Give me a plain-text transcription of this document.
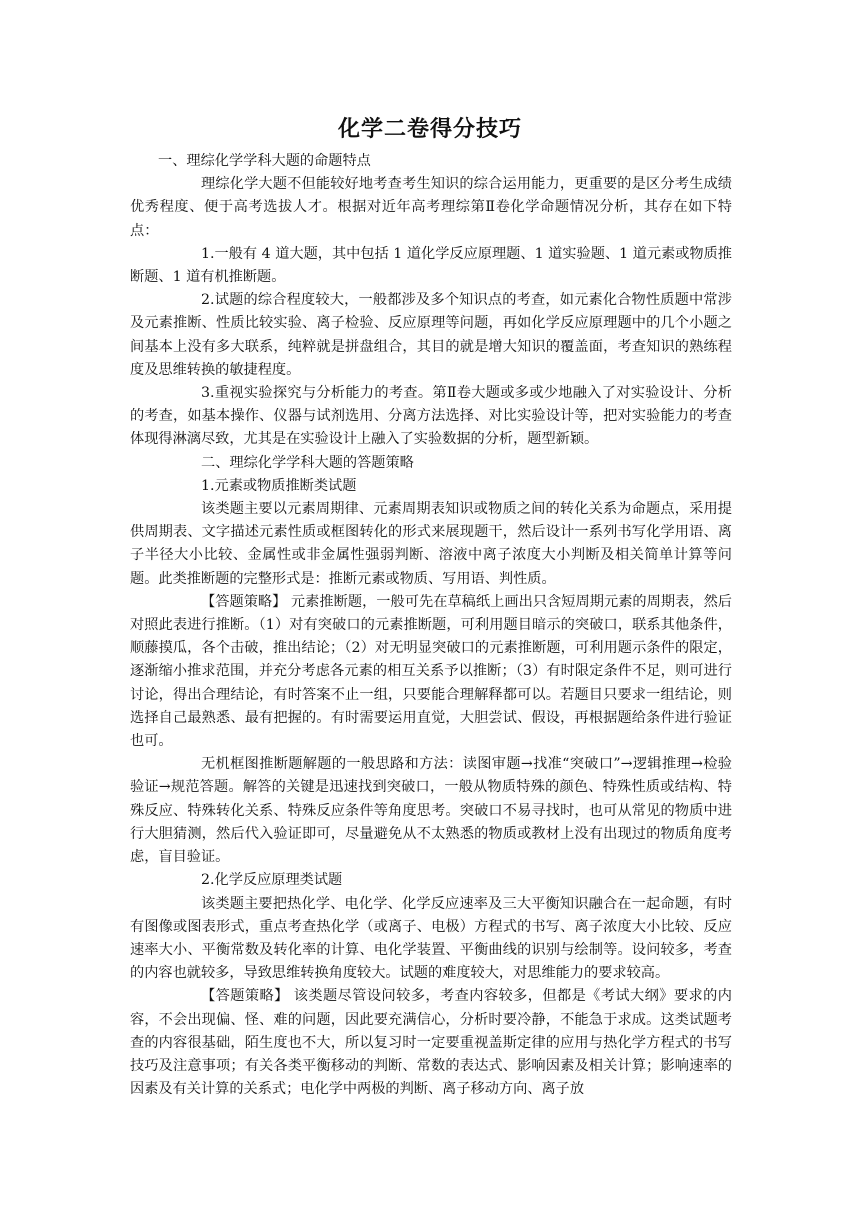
化学二卷得分技巧

一、理综化学学科大题的命题特点

理综化学大题不但能较好地考查考生知识的综合运用能力，更重要的是区分考生成绩优秀程度、便于高考选拔人才。根据对近年高考理综第Ⅱ卷化学命题情况分析，其存在如下特点：

1.一般有 4 道大题，其中包括 1 道化学反应原理题、1 道实验题、1 道元素或物质推断题、1 道有机推断题。

2.试题的综合程度较大，一般都涉及多个知识点的考查，如元素化合物性质题中常涉及元素推断、性质比较实验、离子检验、反应原理等问题，再如化学反应原理题中的几个小题之间基本上没有多大联系，纯粹就是拼盘组合，其目的就是增大知识的覆盖面，考查知识的熟练程度及思维转换的敏捷程度。

3.重视实验探究与分析能力的考查。第Ⅱ卷大题或多或少地融入了对实验设计、分析的考查，如基本操作、仪器与试剂选用、分离方法选择、对比实验设计等，把对实验能力的考查体现得淋漓尽致，尤其是在实验设计上融入了实验数据的分析，题型新颖。

二、理综化学学科大题的答题策略

1.元素或物质推断类试题

该类题主要以元素周期律、元素周期表知识或物质之间的转化关系为命题点，采用提供周期表、文字描述元素性质或框图转化的形式来展现题干，然后设计一系列书写化学用语、离子半径大小比较、金属性或非金属性强弱判断、溶液中离子浓度大小判断及相关简单计算等问题。此类推断题的完整形式是：推断元素或物质、写用语、判性质。

【答题策略】 元素推断题，一般可先在草稿纸上画出只含短周期元素的周期表，然后对照此表进行推断。（1）对有突破口的元素推断题，可利用题目暗示的突破口，联系其他条件，顺藤摸瓜，各个击破，推出结论；（2）对无明显突破口的元素推断题，可利用题示条件的限定，逐渐缩小推求范围，并充分考虑各元素的相互关系予以推断；（3）有时限定条件不足，则可进行讨论，得出合理结论，有时答案不止一组，只要能合理解释都可以。若题目只要求一组结论，则选择自己最熟悉、最有把握的。有时需要运用直觉，大胆尝试、假设，再根据题给条件进行验证也可。

无机框图推断题解题的一般思路和方法：读图审题→找准“突破口”→逻辑推理→检验验证→规范答题。解答的关键是迅速找到突破口，一般从物质特殊的颜色、特殊性质或结构、特殊反应、特殊转化关系、特殊反应条件等角度思考。突破口不易寻找时，也可从常见的物质中进行大胆猜测，然后代入验证即可，尽量避免从不太熟悉的物质或教材上没有出现过的物质角度考虑，盲目验证。

2.化学反应原理类试题

该类题主要把热化学、电化学、化学反应速率及三大平衡知识融合在一起命题，有时有图像或图表形式，重点考查热化学（或离子、电极）方程式的书写、离子浓度大小比较、反应速率大小、平衡常数及转化率的计算、电化学装置、平衡曲线的识别与绘制等。设问较多，考查的内容也就较多，导致思维转换角度较大。试题的难度较大，对思维能力的要求较高。

【答题策略】 该类题尽管设问较多，考查内容较多，但都是《考试大纲》要求的内容，不会出现偏、怪、难的问题，因此要充满信心，分析时要冷静，不能急于求成。这类试题考查的内容很基础，陌生度也不大，所以复习时一定要重视盖斯定律的应用与热化学方程式的书写技巧及注意事项；有关各类平衡移动的判断、常数的表达式、影响因素及相关计算；影响速率的因素及有关计算的关系式；电化学中两极的判断、离子移动方向、离子放
